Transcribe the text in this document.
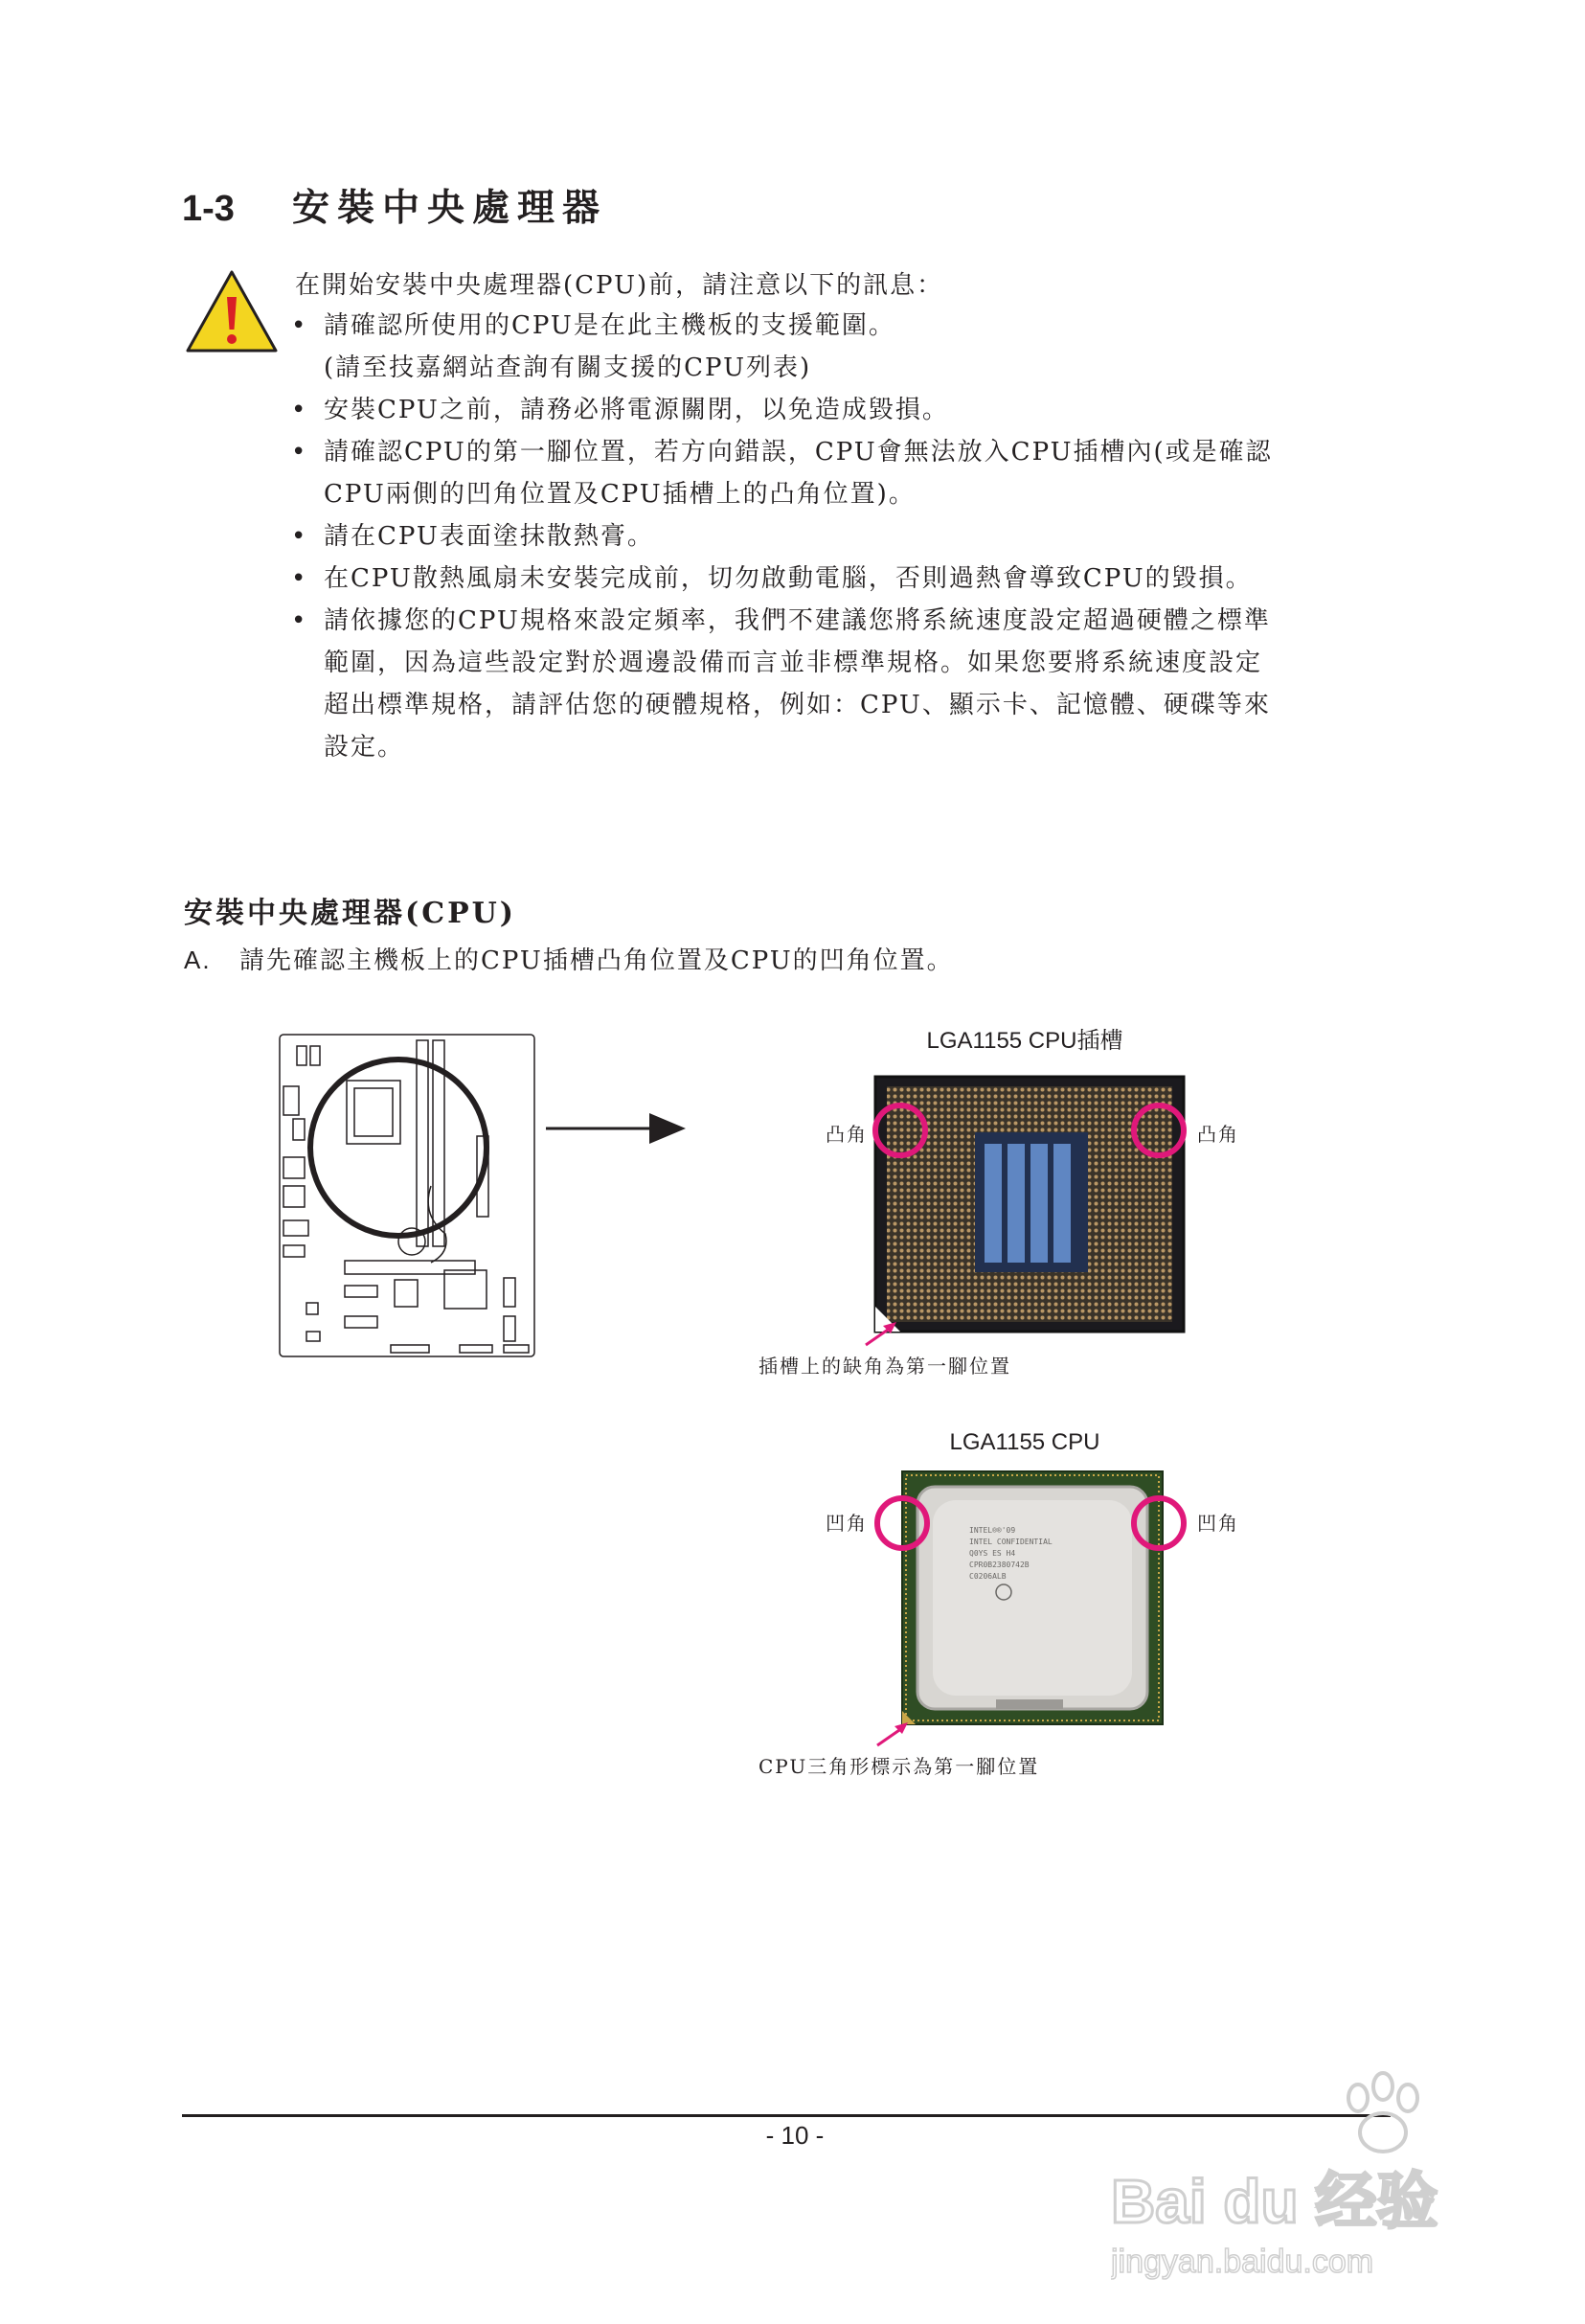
1-3	安裝中央處理器
在開始安裝中央處理器(CPU)前，請注意以下的訊息：
• 請確認所使用的CPU是在此主機板的支援範圍。
(請至技嘉網站查詢有關支援的CPU列表)
• 安裝CPU之前，請務必將電源關閉，以免造成毀損。
• 請確認CPU的第一腳位置，若方向錯誤，CPU會無法放入CPU插槽內(或是確認
CPU兩側的凹角位置及CPU插槽上的凸角位置)。
• 請在CPU表面塗抹散熱膏。
• 在CPU散熱風扇未安裝完成前，切勿啟動電腦，否則過熱會導致CPU的毀損。
• 請依據您的CPU規格來設定頻率，我們不建議您將系統速度設定超過硬體之標準
範圍，因為這些設定對於週邊設備而言並非標準規格。如果您要將系統速度設定
超出標準規格，請評估您的硬體規格，例如：CPU、顯示卡、記憶體、硬碟等來
設定。
安裝中央處理器(CPU)
A. 請先確認主機板上的CPU插槽凸角位置及CPU的凹角位置。
LGA1155 CPU插槽
凸角	凸角
插槽上的缺角為第一腳位置
LGA1155 CPU
凹角	凹角
INTEL®®'09
INTEL CONFIDENTIAL
Q0YS ES H4
CPR0B2380742B
C0206ALB
CPU三角形標示為第一腳位置
- 10 -
Bai du 经验
jingyan.baidu.com
